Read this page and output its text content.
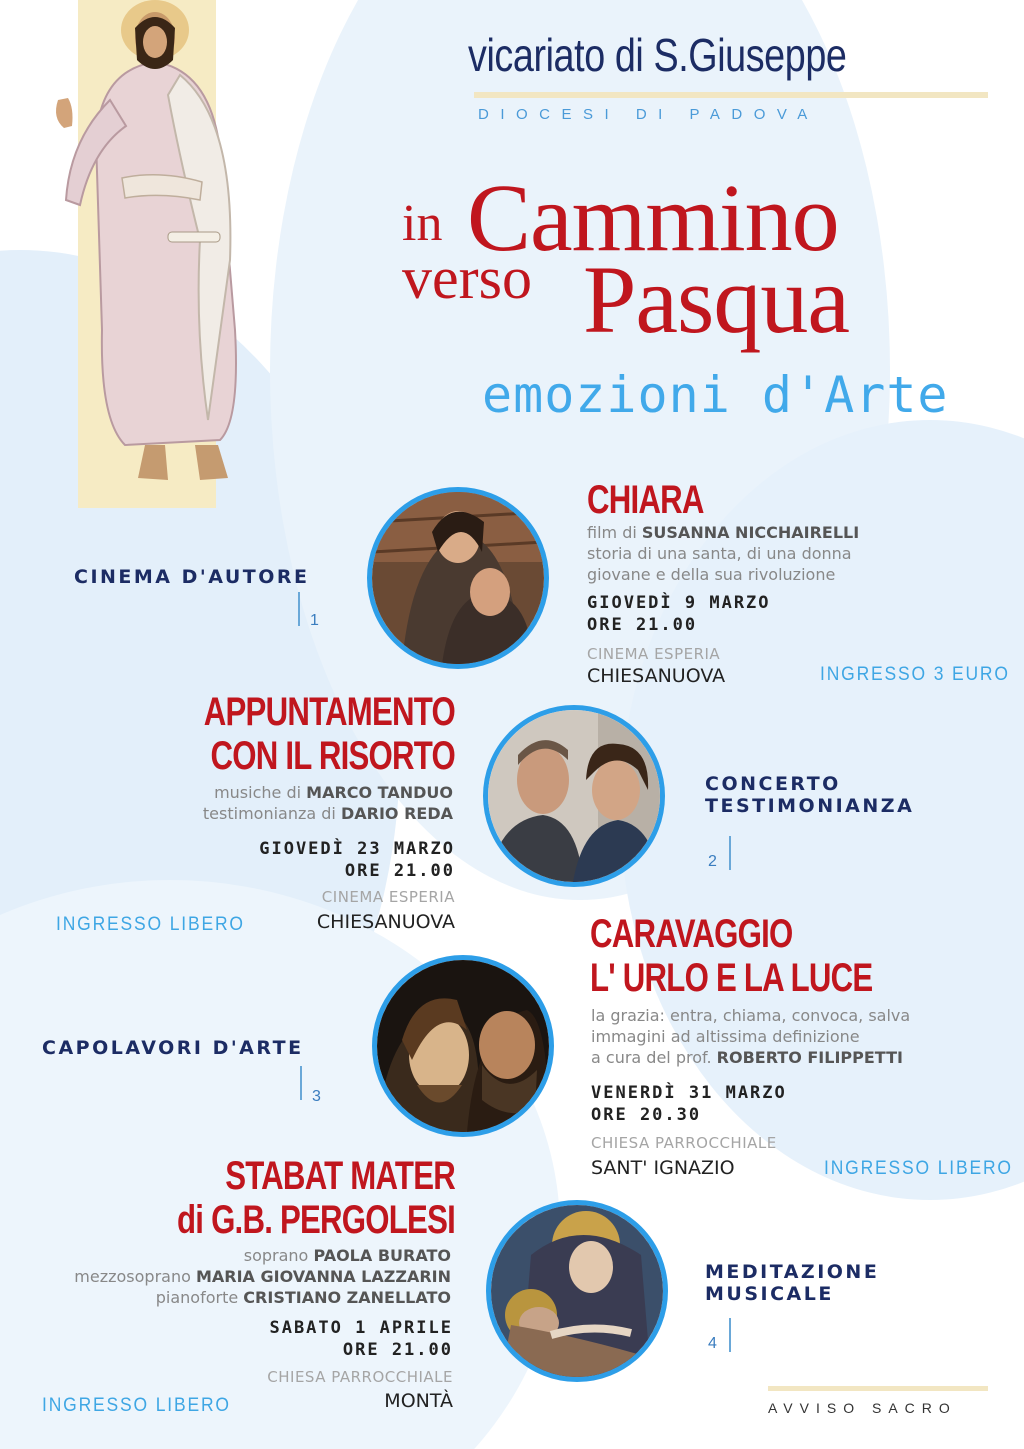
vicariato di S.Giuseppe
DIOCESI DI PADOVA
in Cammino
verso Pasqua
emozioni d'Arte
CINEMA D'AUTORE
1
CHIARA
film di SUSANNA NICCHAIRELLI
storia di una santa, di una donna
giovane e della sua rivoluzione
GIOVEDÌ 9 MARZO
ORE 21.00
CINEMA ESPERIA
CHIESANUOVA	INGRESSO 3 EURO
APPUNTAMENTO
CON IL RISORTO
musiche di MARCO TANDUO
testimonianza di DARIO REDA
GIOVEDÌ 23 MARZO
ORE 21.00
CINEMA ESPERIA
CHIESANUOVA
INGRESSO LIBERO
CONCERTO
TESTIMONIANZA
2
CAPOLAVORI D'ARTE
3
CARAVAGGIO
L' URLO E LA LUCE
la grazia: entra, chiama, convoca, salva
immagini ad altissima definizione
a cura del prof. ROBERTO FILIPPETTI
VENERDÌ 31 MARZO
ORE 20.30
CHIESA PARROCCHIALE
SANT' IGNAZIO	INGRESSO LIBERO
STABAT MATER
di G.B. PERGOLESI
soprano PAOLA BURATO
mezzosoprano MARIA GIOVANNA LAZZARIN
pianoforte CRISTIANO ZANELLATO
SABATO 1 APRILE
ORE 21.00
CHIESA PARROCCHIALE
MONTÀ
INGRESSO LIBERO
MEDITAZIONE
MUSICALE
4
AVVISO SACRO
